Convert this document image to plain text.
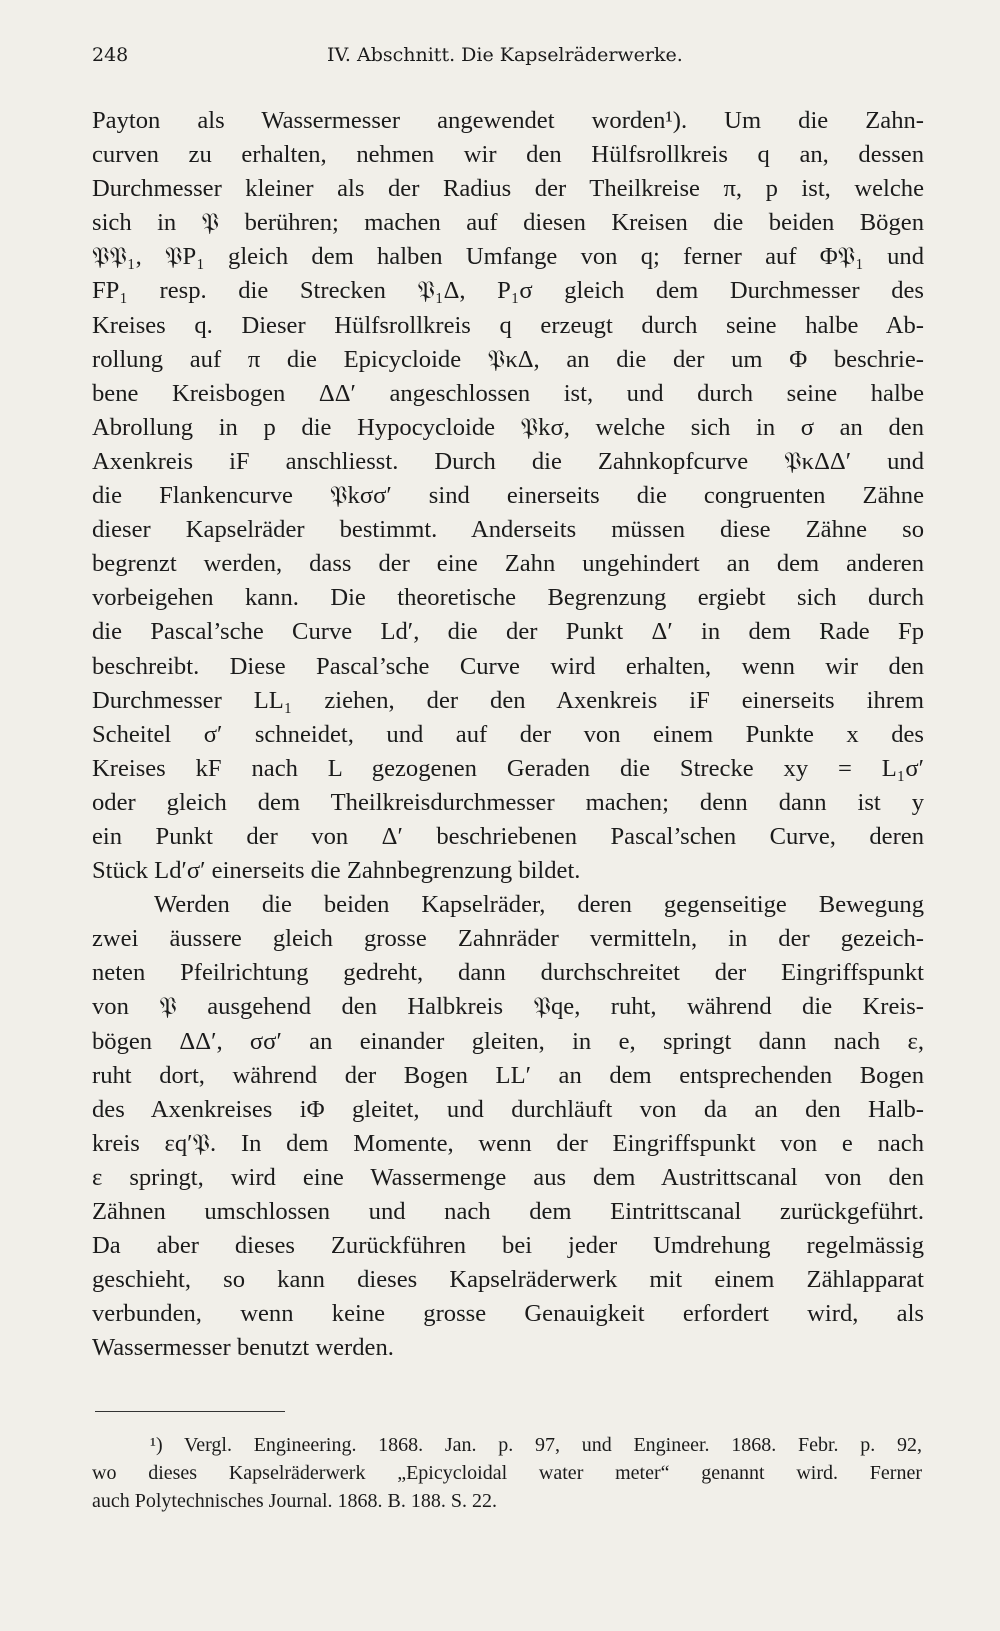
248	IV. Abschnitt. Die Kapselräderwerke.
Payton als Wassermesser angewendet worden¹). Um die Zahn-
curven zu erhalten, nehmen wir den Hülfsrollkreis q an, dessen
Durchmesser kleiner als der Radius der Theilkreise π, p ist, welche
sich in 𝔓 berühren; machen auf diesen Kreisen die beiden Bögen
𝔓𝔓₁, 𝔓P₁ gleich dem halben Umfange von q; ferner auf Φ𝔓₁ und
FP₁ resp. die Strecken 𝔓₁Δ, P₁σ gleich dem Durchmesser des
Kreises q. Dieser Hülfsrollkreis q erzeugt durch seine halbe Ab-
rollung auf π die Epicycloide 𝔓κΔ, an die der um Φ beschrie-
bene Kreisbogen ΔΔ′ angeschlossen ist, und durch seine halbe
Abrollung in p die Hypocycloide 𝔓kσ, welche sich in σ an den
Axenkreis iF anschliesst. Durch die Zahnkopfcurve 𝔓κΔΔ′ und
die Flankencurve 𝔓kσσ′ sind einerseits die congruenten Zähne
dieser Kapselräder bestimmt. Anderseits müssen diese Zähne so
begrenzt werden, dass der eine Zahn ungehindert an dem anderen
vorbeigehen kann. Die theoretische Begrenzung ergiebt sich durch
die Pascal’sche Curve Ld′, die der Punkt Δ′ in dem Rade Fp
beschreibt. Diese Pascal’sche Curve wird erhalten, wenn wir den
Durchmesser LL₁ ziehen, der den Axenkreis iF einerseits ihrem
Scheitel σ′ schneidet, und auf der von einem Punkte x des
Kreises kF nach L gezogenen Geraden die Strecke xy = L₁σ′
oder gleich dem Theilkreisdurchmesser machen; denn dann ist y
ein Punkt der von Δ′ beschriebenen Pascal’schen Curve, deren
Stück Ld′σ′ einerseits die Zahnbegrenzung bildet.
Werden die beiden Kapselräder, deren gegenseitige Bewegung
zwei äussere gleich grosse Zahnräder vermitteln, in der gezeich-
neten Pfeilrichtung gedreht, dann durchschreitet der Eingriffspunkt
von 𝔓 ausgehend den Halbkreis 𝔓qe, ruht, während die Kreis-
bögen ΔΔ′, σσ′ an einander gleiten, in e, springt dann nach ε,
ruht dort, während der Bogen LL′ an dem entsprechenden Bogen
des Axenkreises iΦ gleitet, und durchläuft von da an den Halb-
kreis εq′𝔓. In dem Momente, wenn der Eingriffspunkt von e nach
ε springt, wird eine Wassermenge aus dem Austrittscanal von den
Zähnen umschlossen und nach dem Eintrittscanal zurückgeführt.
Da aber dieses Zurückführen bei jeder Umdrehung regelmässig
geschieht, so kann dieses Kapselräderwerk mit einem Zählapparat
verbunden, wenn keine grosse Genauigkeit erfordert wird, als
Wassermesser benutzt werden.
¹) Vergl. Engineering. 1868. Jan. p. 97, und Engineer. 1868. Febr. p. 92,
wo dieses Kapselräderwerk „Epicycloidal water meter“ genannt wird. Ferner
auch Polytechnisches Journal. 1868. B. 188. S. 22.
